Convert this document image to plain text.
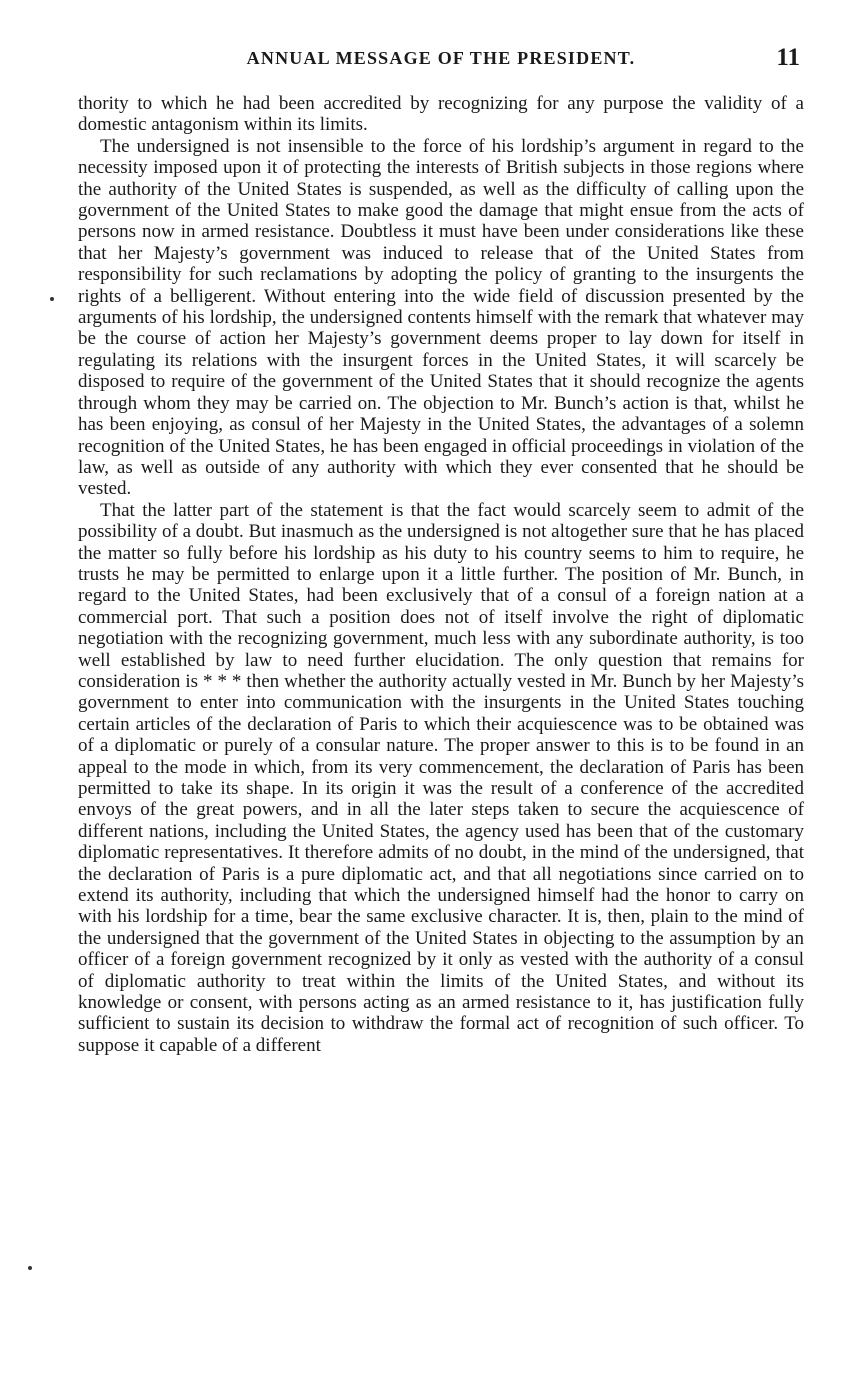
ANNUAL MESSAGE OF THE PRESIDENT.	11

thority to which he had been accredited by recognizing for any purpose the validity of a domestic antagonism within its limits.

The undersigned is not insensible to the force of his lordship’s argument in regard to the necessity imposed upon it of protecting the interests of British subjects in those regions where the authority of the United States is suspended, as well as the difficulty of calling upon the government of the United States to make good the damage that might ensue from the acts of persons now in armed resistance. Doubtless it must have been under considerations like these that her Majesty’s government was induced to release that of the United States from responsibility for such reclamations by adopting the policy of granting to the insurgents the rights of a belligerent. Without entering into the wide field of discussion presented by the arguments of his lordship, the undersigned contents himself with the remark that whatever may be the course of action her Majesty’s government deems proper to lay down for itself in regulating its relations with the insurgent forces in the United States, it will scarcely be disposed to require of the government of the United States that it should recognize the agents through whom they may be carried on. The objection to Mr. Bunch’s action is that, whilst he has been enjoying, as consul of her Majesty in the United States, the advantages of a solemn recognition of the United States, he has been engaged in official proceedings in violation of the law, as well as outside of any authority with which they ever consented that he should be vested.

That the latter part of the statement is that the fact would scarcely seem to admit of the possibility of a doubt. But inasmuch as the undersigned is not altogether sure that he has placed the matter so fully before his lordship as his duty to his country seems to him to require, he trusts he may be permitted to enlarge upon it a little further. The position of Mr. Bunch, in regard to the United States, had been exclusively that of a consul of a foreign nation at a commercial port. That such a position does not of itself involve the right of diplomatic negotiation with the recognizing government, much less with any subordinate authority, is too well established by law to need further elucidation. The only question that remains for consideration is * * * then whether the authority actually vested in Mr. Bunch by her Majesty’s government to enter into communication with the insurgents in the United States touching certain articles of the declaration of Paris to which their acquiescence was to be obtained was of a diplomatic or purely of a consular nature. The proper answer to this is to be found in an appeal to the mode in which, from its very commencement, the declaration of Paris has been permitted to take its shape. In its origin it was the result of a conference of the accredited envoys of the great powers, and in all the later steps taken to secure the acquiescence of different nations, including the United States, the agency used has been that of the customary diplomatic representatives. It therefore admits of no doubt, in the mind of the undersigned, that the declaration of Paris is a pure diplomatic act, and that all negotiations since carried on to extend its authority, including that which the undersigned himself had the honor to carry on with his lordship for a time, bear the same exclusive character. It is, then, plain to the mind of the undersigned that the government of the United States in objecting to the assumption by an officer of a foreign government recognized by it only as vested with the authority of a consul of diplomatic authority to treat within the limits of the United States, and without its knowledge or consent, with persons acting as an armed resistance to it, has justification fully sufficient to sustain its decision to withdraw the formal act of recognition of such officer. To suppose it capable of a different
